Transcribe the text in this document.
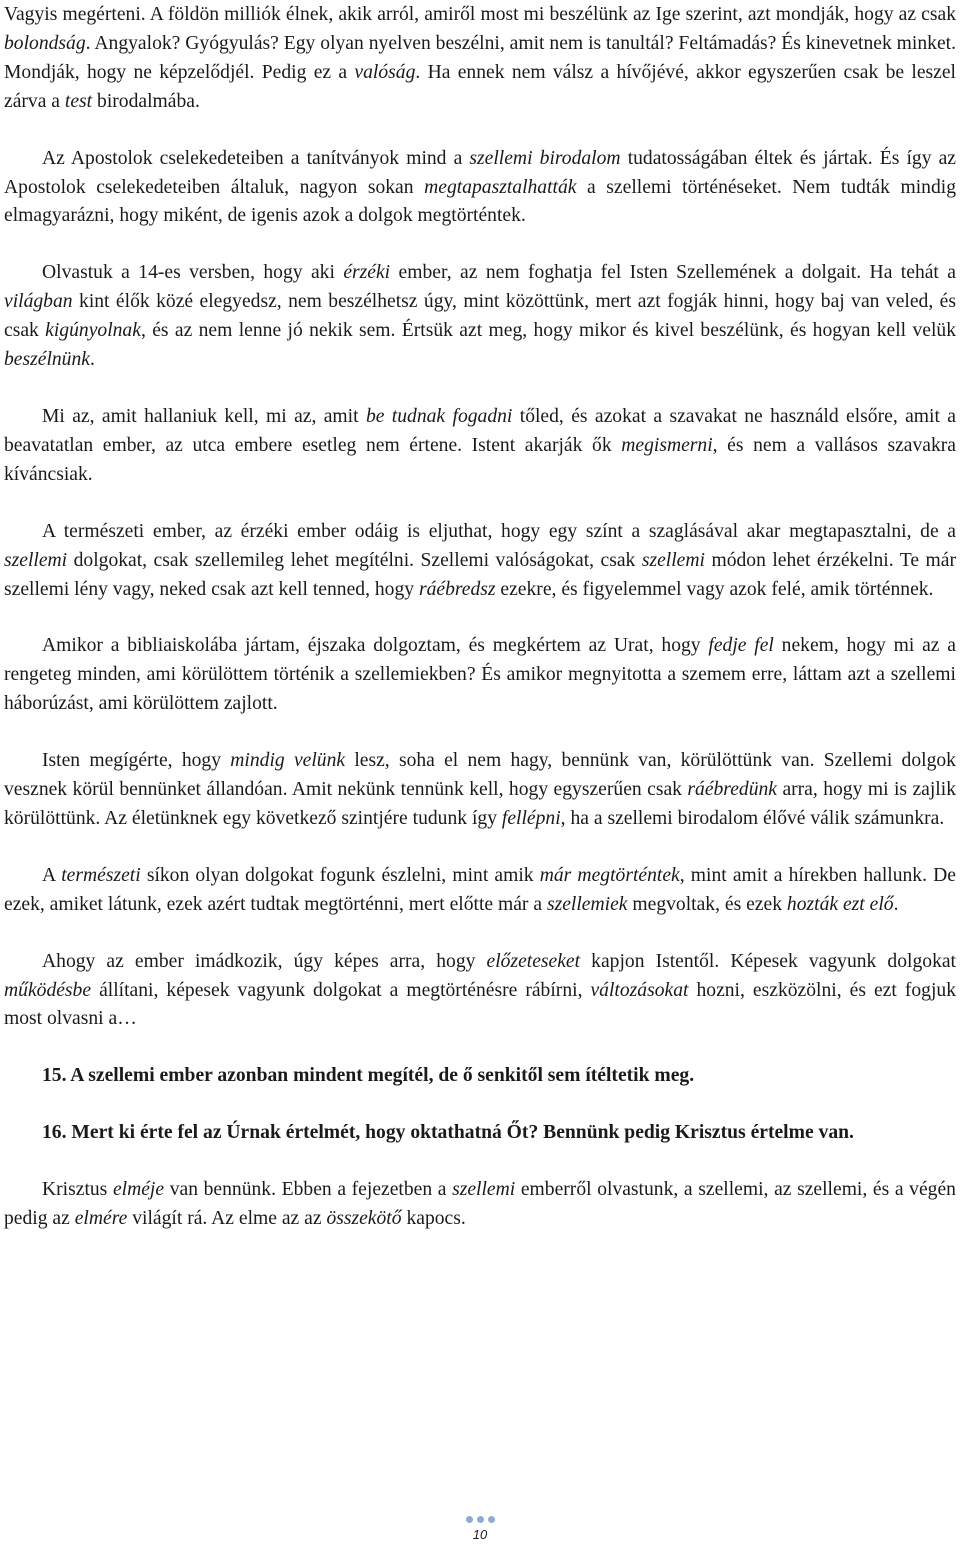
Vagyis megérteni. A földön milliók élnek, akik arról, amiről most mi beszélünk az Ige szerint, azt mondják, hogy az csak bolondság. Angyalok? Gyógyulás? Egy olyan nyelven beszélni, amit nem is tanultál? Feltámadás? És kinevetnek minket. Mondják, hogy ne képzelődjél. Pedig ez a valóság. Ha ennek nem válsz a hívőjévé, akkor egyszerűen csak be leszel zárva a test birodalmába.

Az Apostolok cselekedeteiben a tanítványok mind a szellemi birodalom tudatosságában éltek és jártak. És így az Apostolok cselekedeteiben általuk, nagyon sokan megtapasztalhatták a szellemi történéseket. Nem tudták mindig elmagyarázni, hogy miként, de igenis azok a dolgok megtörténtek.

Olvastuk a 14-es versben, hogy aki érzéki ember, az nem foghatja fel Isten Szellemének a dolgait. Ha tehát a világban kint élők közé elegyedsz, nem beszélhetsz úgy, mint közöttünk, mert azt fogják hinni, hogy baj van veled, és csak kigúnyolnak, és az nem lenne jó nekik sem. Értsük azt meg, hogy mikor és kivel beszélünk, és hogyan kell velük beszélnünk.

Mi az, amit hallaniuk kell, mi az, amit be tudnak fogadni tőled, és azokat a szavakat ne használd elsőre, amit a beavatatlan ember, az utca embere esetleg nem értene. Istent akarják ők megismerni, és nem a vallásos szavakra kíváncsiak.

A természeti ember, az érzéki ember odáig is eljuthat, hogy egy színt a szaglásával akar megtapasztalni, de a szellemi dolgokat, csak szellemileg lehet megítélni. Szellemi valóságokat, csak szellemi módon lehet érzékelni. Te már szellemi lény vagy, neked csak azt kell tenned, hogy ráébredsz ezekre, és figyelemmel vagy azok felé, amik történnek.

Amikor a bibliaiskolába jártam, éjszaka dolgoztam, és megkértem az Urat, hogy fedje fel nekem, hogy mi az a rengeteg minden, ami körülöttem történik a szellemiekben? És amikor megnyitotta a szemem erre, láttam azt a szellemi háborúzást, ami körülöttem zajlott.

Isten megígérte, hogy mindig velünk lesz, soha el nem hagy, bennünk van, körülöttünk van. Szellemi dolgok vesznek körül bennünket állandóan. Amit nekünk tennünk kell, hogy egyszerűen csak ráébredünk arra, hogy mi is zajlik körülöttünk. Az életünknek egy következő szintjére tudunk így fellépni, ha a szellemi birodalom élővé válik számunkra.

A természeti síkon olyan dolgokat fogunk észlelni, mint amik már megtörténtek, mint amit a hírekben hallunk. De ezek, amiket látunk, ezek azért tudtak megtörténni, mert előtte már a szellemiek megvoltak, és ezek hozták ezt elő.

Ahogy az ember imádkozik, úgy képes arra, hogy előzeteseket kapjon Istentől. Képesek vagyunk dolgokat működésbe állítani, képesek vagyunk dolgokat a megtörténésre rábírni, változásokat hozni, eszközölni, és ezt fogjuk most olvasni a…

15. A szellemi ember azonban mindent megítél, de ő senkitől sem ítéltetik meg.

16. Mert ki érte fel az Úrnak értelmét, hogy oktathatná Őt? Bennünk pedig Krisztus értelme van.

Krisztus elméje van bennünk. Ebben a fejezetben a szellemi emberről olvastunk, a szellemi, az szellemi, és a végén pedig az elmére világít rá. Az elme az az összekötő kapocs.

10
